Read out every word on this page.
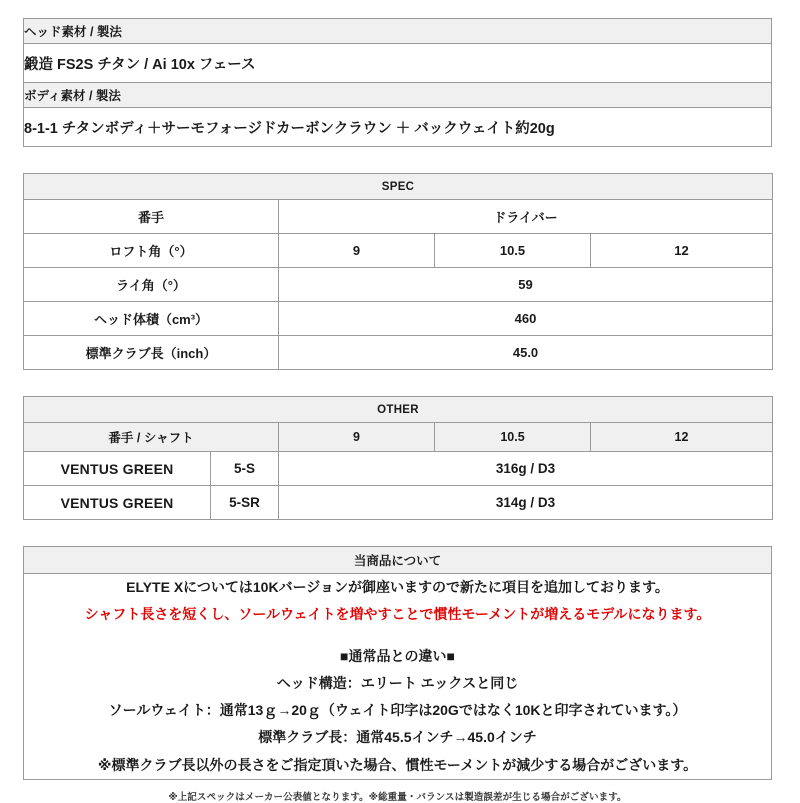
ヘッド素材 / 製法
鍛造 FS2S チタン / Ai 10x フェース
ボディ素材 / 製法
8-1-1 チタンボディ＋サーモフォージドカーボンクラウン ＋ バックウェイト約20g
SPEC			
番手	ドライバー		
ロフト角（°）	9	10.5	12
ライ角（°）	59		
ヘッド体積（cm³）	460		
標準クラブ長（inch）	45.0		
OTHER				
番手 / シャフト		9	10.5	12
VENTUS GREEN	5-S	316g / D3		
VENTUS GREEN	5-SR	314g / D3		
当商品について

ELYTE Xについては10Kバージョンが御座いますので新たに項目を追加しております。
シャフト長さを短くし、ソールウェイトを増やすことで慣性モーメントが増えるモデルになります。
■通常品との違い■
ヘッド構造：エリート エックスと同じ
ソールウェイト：通常13ｇ→20ｇ（ウェイト印字は20Gではなく10Kと印字されています。）
標準クラブ長：通常45.5インチ→45.0インチ
※標準クラブ長以外の長さをご指定頂いた場合、慣性モーメントが減少する場合がございます。
※上記スペックはメーカー公表値となります。※総重量・バランスは製造誤差が生じる場合がございます。
